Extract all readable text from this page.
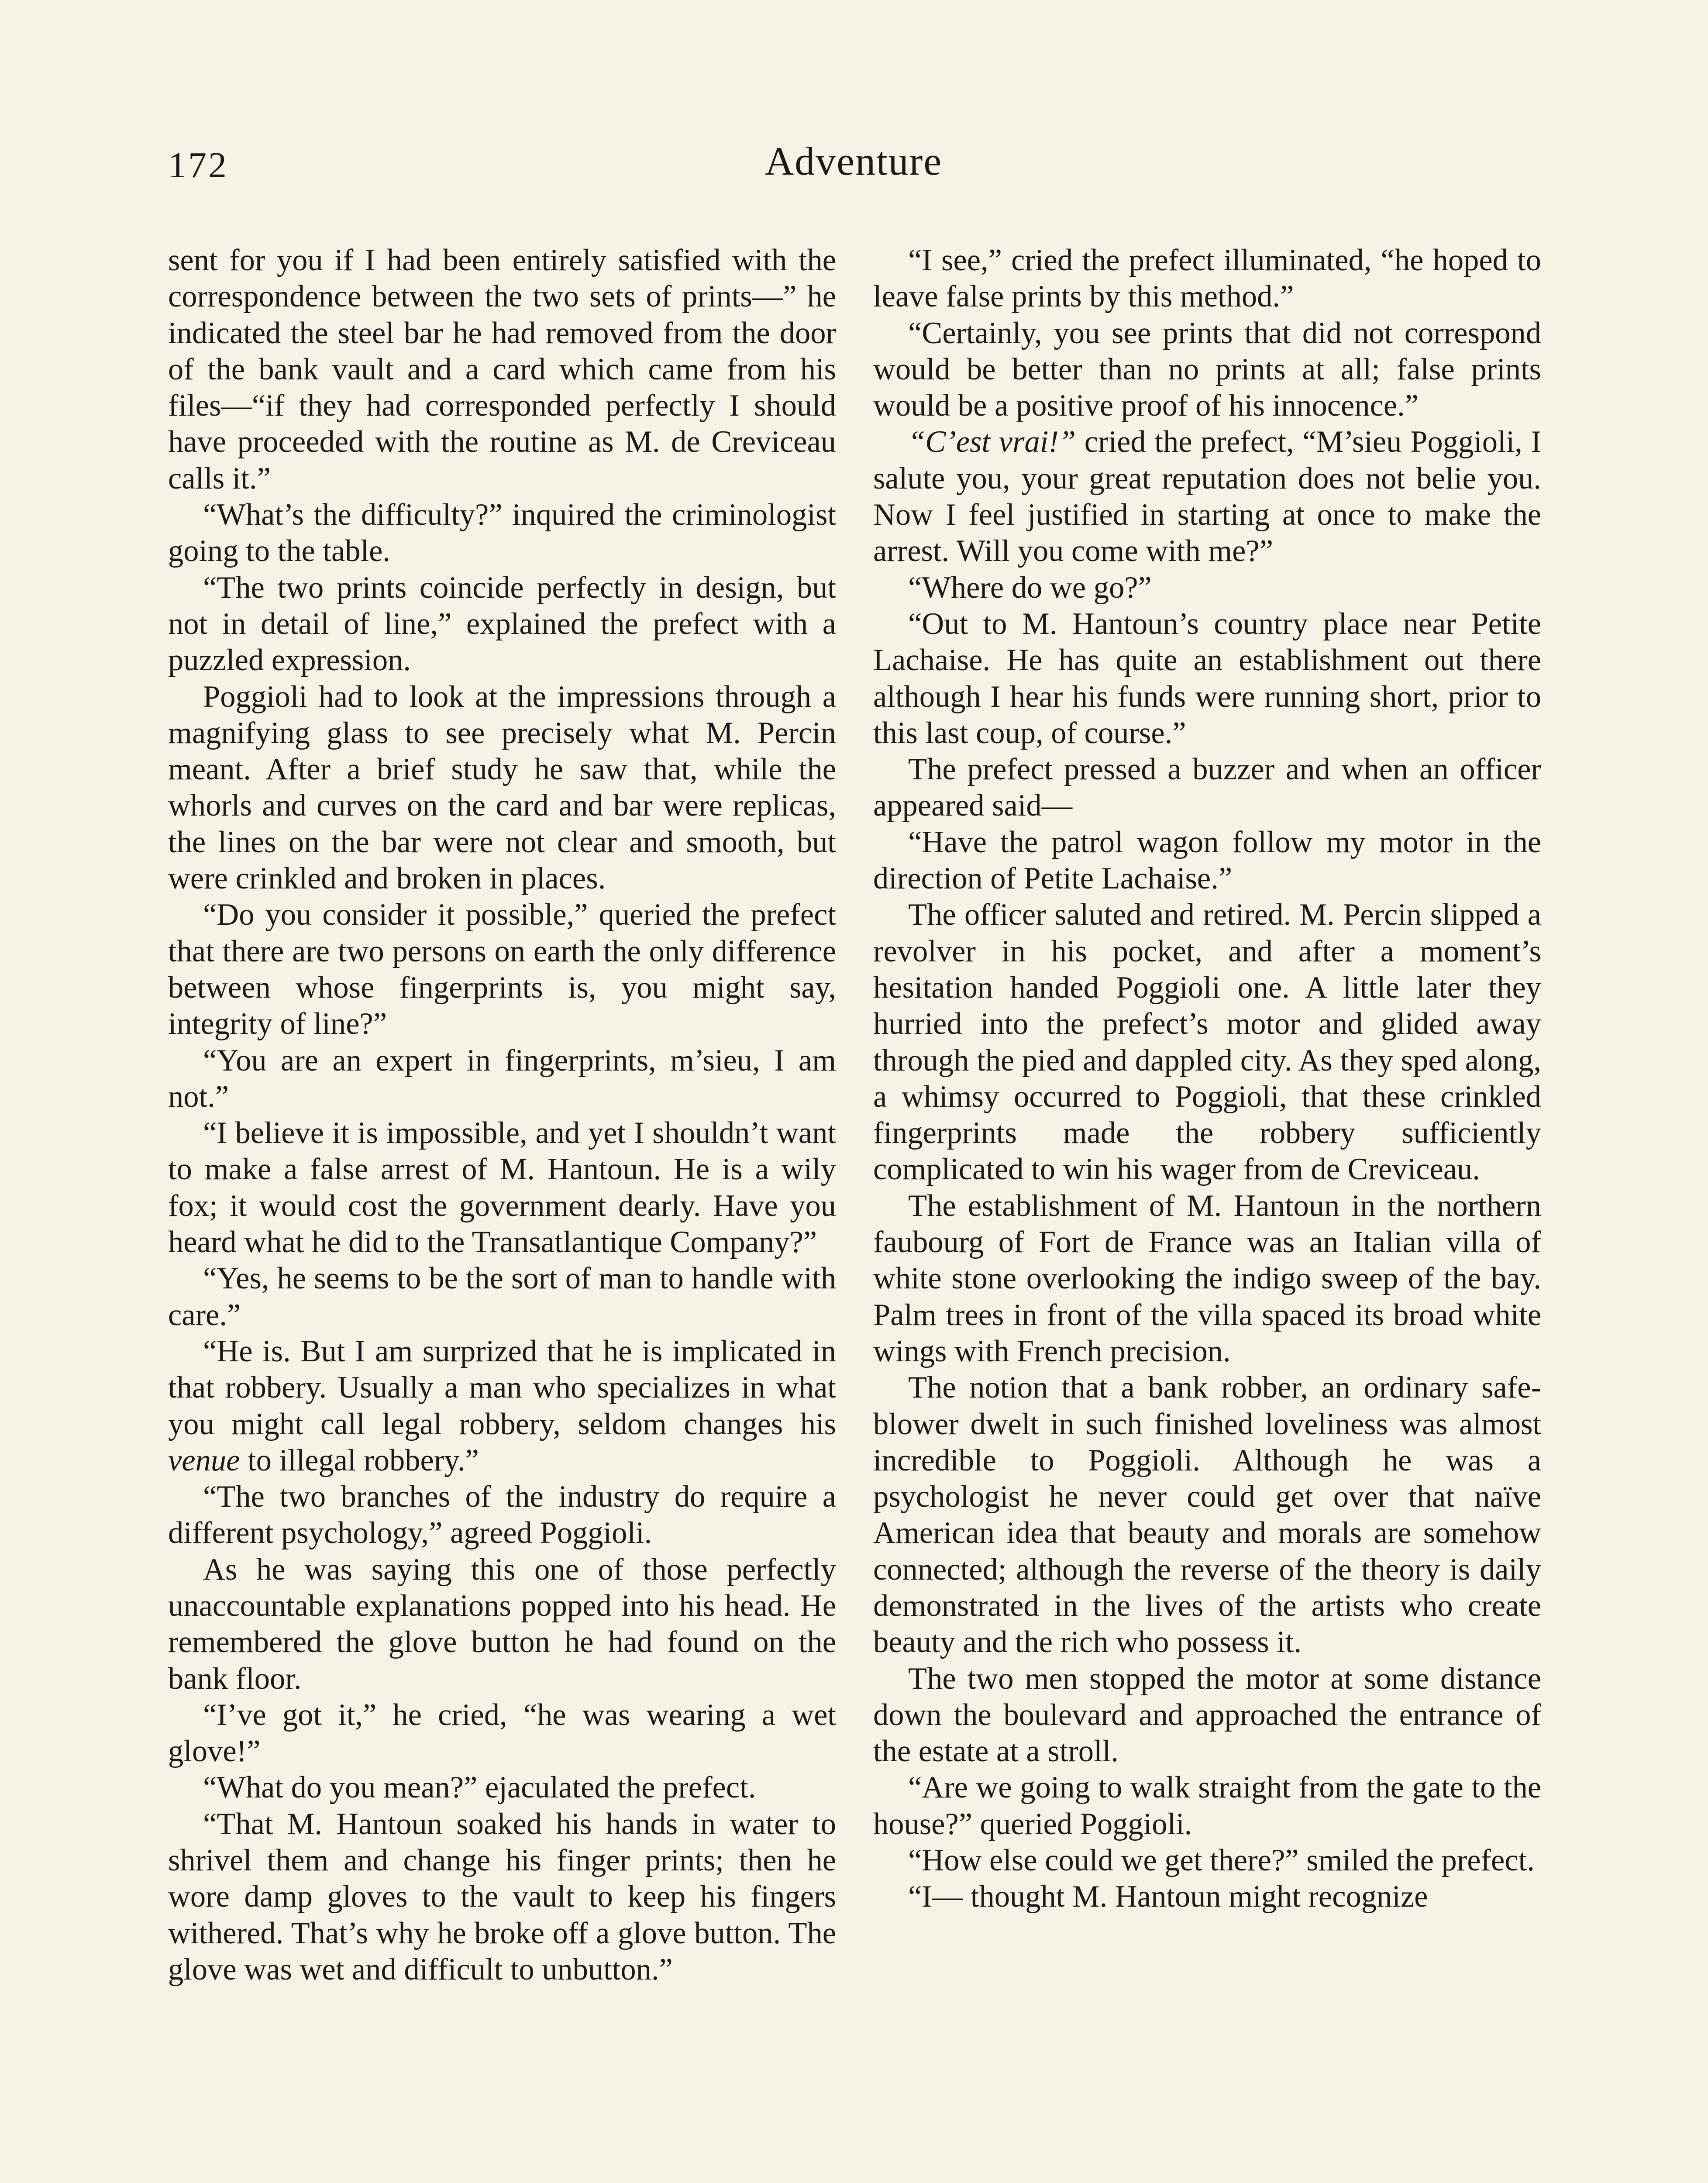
172	Adventure

sent for you if I had been entirely satisfied with the correspondence between the two sets of prints—” he indicated the steel bar he had removed from the door of the bank vault and a card which came from his files—“if they had corresponded perfectly I should have proceeded with the routine as M. de Creviceau calls it.”

“What’s the difficulty?” inquired the criminologist going to the table.

“The two prints coincide perfectly in design, but not in detail of line,” explained the prefect with a puzzled expression.

Poggioli had to look at the impressions through a magnifying glass to see precisely what M. Percin meant. After a brief study he saw that, while the whorls and curves on the card and bar were replicas, the lines on the bar were not clear and smooth, but were crinkled and broken in places.

“Do you consider it possible,” queried the prefect that there are two persons on earth the only difference between whose fingerprints is, you might say, integrity of line?”

“You are an expert in fingerprints, m’sieu, I am not.”

“I believe it is impossible, and yet I shouldn’t want to make a false arrest of M. Hantoun. He is a wily fox; it would cost the government dearly. Have you heard what he did to the Transatlantique Company?”

“Yes, he seems to be the sort of man to handle with care.”

“He is. But I am surprized that he is implicated in that robbery. Usually a man who specializes in what you might call legal robbery, seldom changes his venue to illegal robbery.”

“The two branches of the industry do require a different psychology,” agreed Poggioli.

As he was saying this one of those perfectly unaccountable explanations popped into his head. He remembered the glove button he had found on the bank floor.

“I’ve got it,” he cried, “he was wearing a wet glove!”

“What do you mean?” ejaculated the prefect.

“That M. Hantoun soaked his hands in water to shrivel them and change his finger prints; then he wore damp gloves to the vault to keep his fingers withered. That’s why he broke off a glove button. The glove was wet and difficult to unbutton.”

“I see,” cried the prefect illuminated, “he hoped to leave false prints by this method.”

“Certainly, you see prints that did not correspond would be better than no prints at all; false prints would be a positive proof of his innocence.”

“C’est vrai!” cried the prefect, “M’sieu Poggioli, I salute you, your great reputation does not belie you. Now I feel justified in starting at once to make the arrest. Will you come with me?”

“Where do we go?”

“Out to M. Hantoun’s country place near Petite Lachaise. He has quite an establishment out there although I hear his funds were running short, prior to this last coup, of course.”

The prefect pressed a buzzer and when an officer appeared said—

“Have the patrol wagon follow my motor in the direction of Petite Lachaise.”

The officer saluted and retired. M. Percin slipped a revolver in his pocket, and after a moment’s hesitation handed Poggioli one. A little later they hurried into the prefect’s motor and glided away through the pied and dappled city. As they sped along, a whimsy occurred to Poggioli, that these crinkled fingerprints made the robbery sufficiently complicated to win his wager from de Creviceau.

The establishment of M. Hantoun in the northern faubourg of Fort de France was an Italian villa of white stone overlooking the indigo sweep of the bay. Palm trees in front of the villa spaced its broad white wings with French precision.

The notion that a bank robber, an ordinary safe-blower dwelt in such finished loveliness was almost incredible to Poggioli. Although he was a psychologist he never could get over that naïve American idea that beauty and morals are somehow connected; although the reverse of the theory is daily demonstrated in the lives of the artists who create beauty and the rich who possess it.

The two men stopped the motor at some distance down the boulevard and approached the entrance of the estate at a stroll.

“Are we going to walk straight from the gate to the house?” queried Poggioli.

“How else could we get there?” smiled the prefect.

“I— thought M. Hantoun might recognize
